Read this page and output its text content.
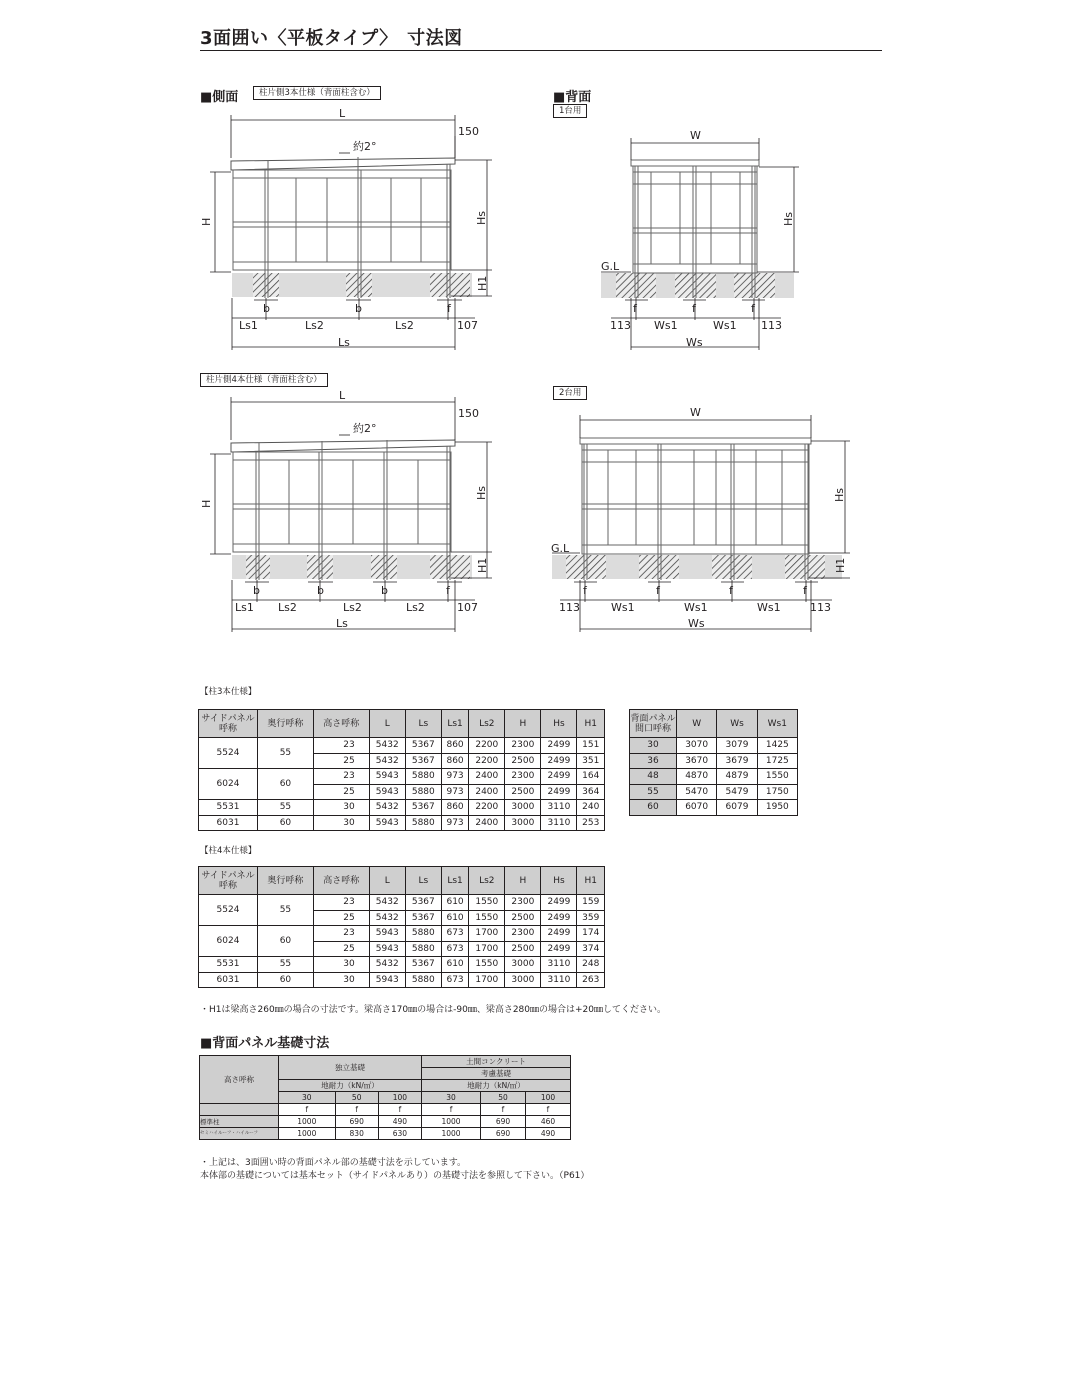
3面囲い〈平板タイプ〉　寸法図
■側面	柱片側3本仕様（背面柱含む）	■背面
1台用
柱片側4本仕様（背面柱含む）
2台用
L
150
約2°
H	Hs
H1
b	b	f
Ls1	Ls2	Ls2	107
Ls
L
150
約2°
H
Hs
H1
b	b	b	f
Ls1 Ls2	Ls2	Ls2	107
Ls
W
Hs
G.L
f	f	f
113 Ws1	Ws1 113
Ws
W
Hs
H1
G.L
f	f	f	f
113	Ws1	Ws1	Ws1	113
Ws
【柱3本仕様】
サイドパネル呼称	奥行呼称	高さ呼称	L	Ls	Ls1	Ls2	H	Hs	H1
5524	55	23	5432	5367	860	2200	2300	2499	151
		25	5432	5367	860	2200	2500	2499	351
6024	60	23	5943	5880	973	2400	2300	2499	164
		25	5943	5880	973	2400	2500	2499	364
5531	55	30	5432	5367	860	2200	3000	3110	240
6031	60	30	5943	5880	973	2400	3000	3110	253
背面パネル間口呼称	W	Ws	Ws1
30	3070	3079	1425
36	3670	3679	1725
48	4870	4879	1550
55	5470	5479	1750
60	6070	6079	1950
【柱4本仕様】
サイドパネル呼称	奥行呼称	高さ呼称	L	Ls	Ls1	Ls2	H	Hs	H1
5524	55	23	5432	5367	610	1550	2300	2499	159
		25	5432	5367	610	1550	2500	2499	359
6024	60	23	5943	5880	673	1700	2300	2499	174
		25	5943	5880	673	1700	2500	2499	374
5531	55	30	5432	5367	610	1550	3000	3110	248
6031	60	30	5943	5880	673	1700	3000	3110	263
・H1は梁高さ260㎜の場合の寸法です。梁高さ170㎜の場合は-90㎜、梁高さ280㎜の場合は+20㎜してください。
■背面パネル基礎寸法
高さ呼称	独立基礎			土間コンクリート		
				考慮基礎		
	地耐力（kN/㎡）			地耐力（kN/㎡）		
	30	50	100	30	50	100
	f	f	f	f	f	f
標準柱	1000	690	490	1000	690	460
セミハイルーフ・ハイルーフ	1000	830	630	1000	690	490
・上記は、3面囲い時の背面パネル部の基礎寸法を示しています。
本体部の基礎については基本セット（サイドパネルあり）の基礎寸法を参照して下さい。（P61）
